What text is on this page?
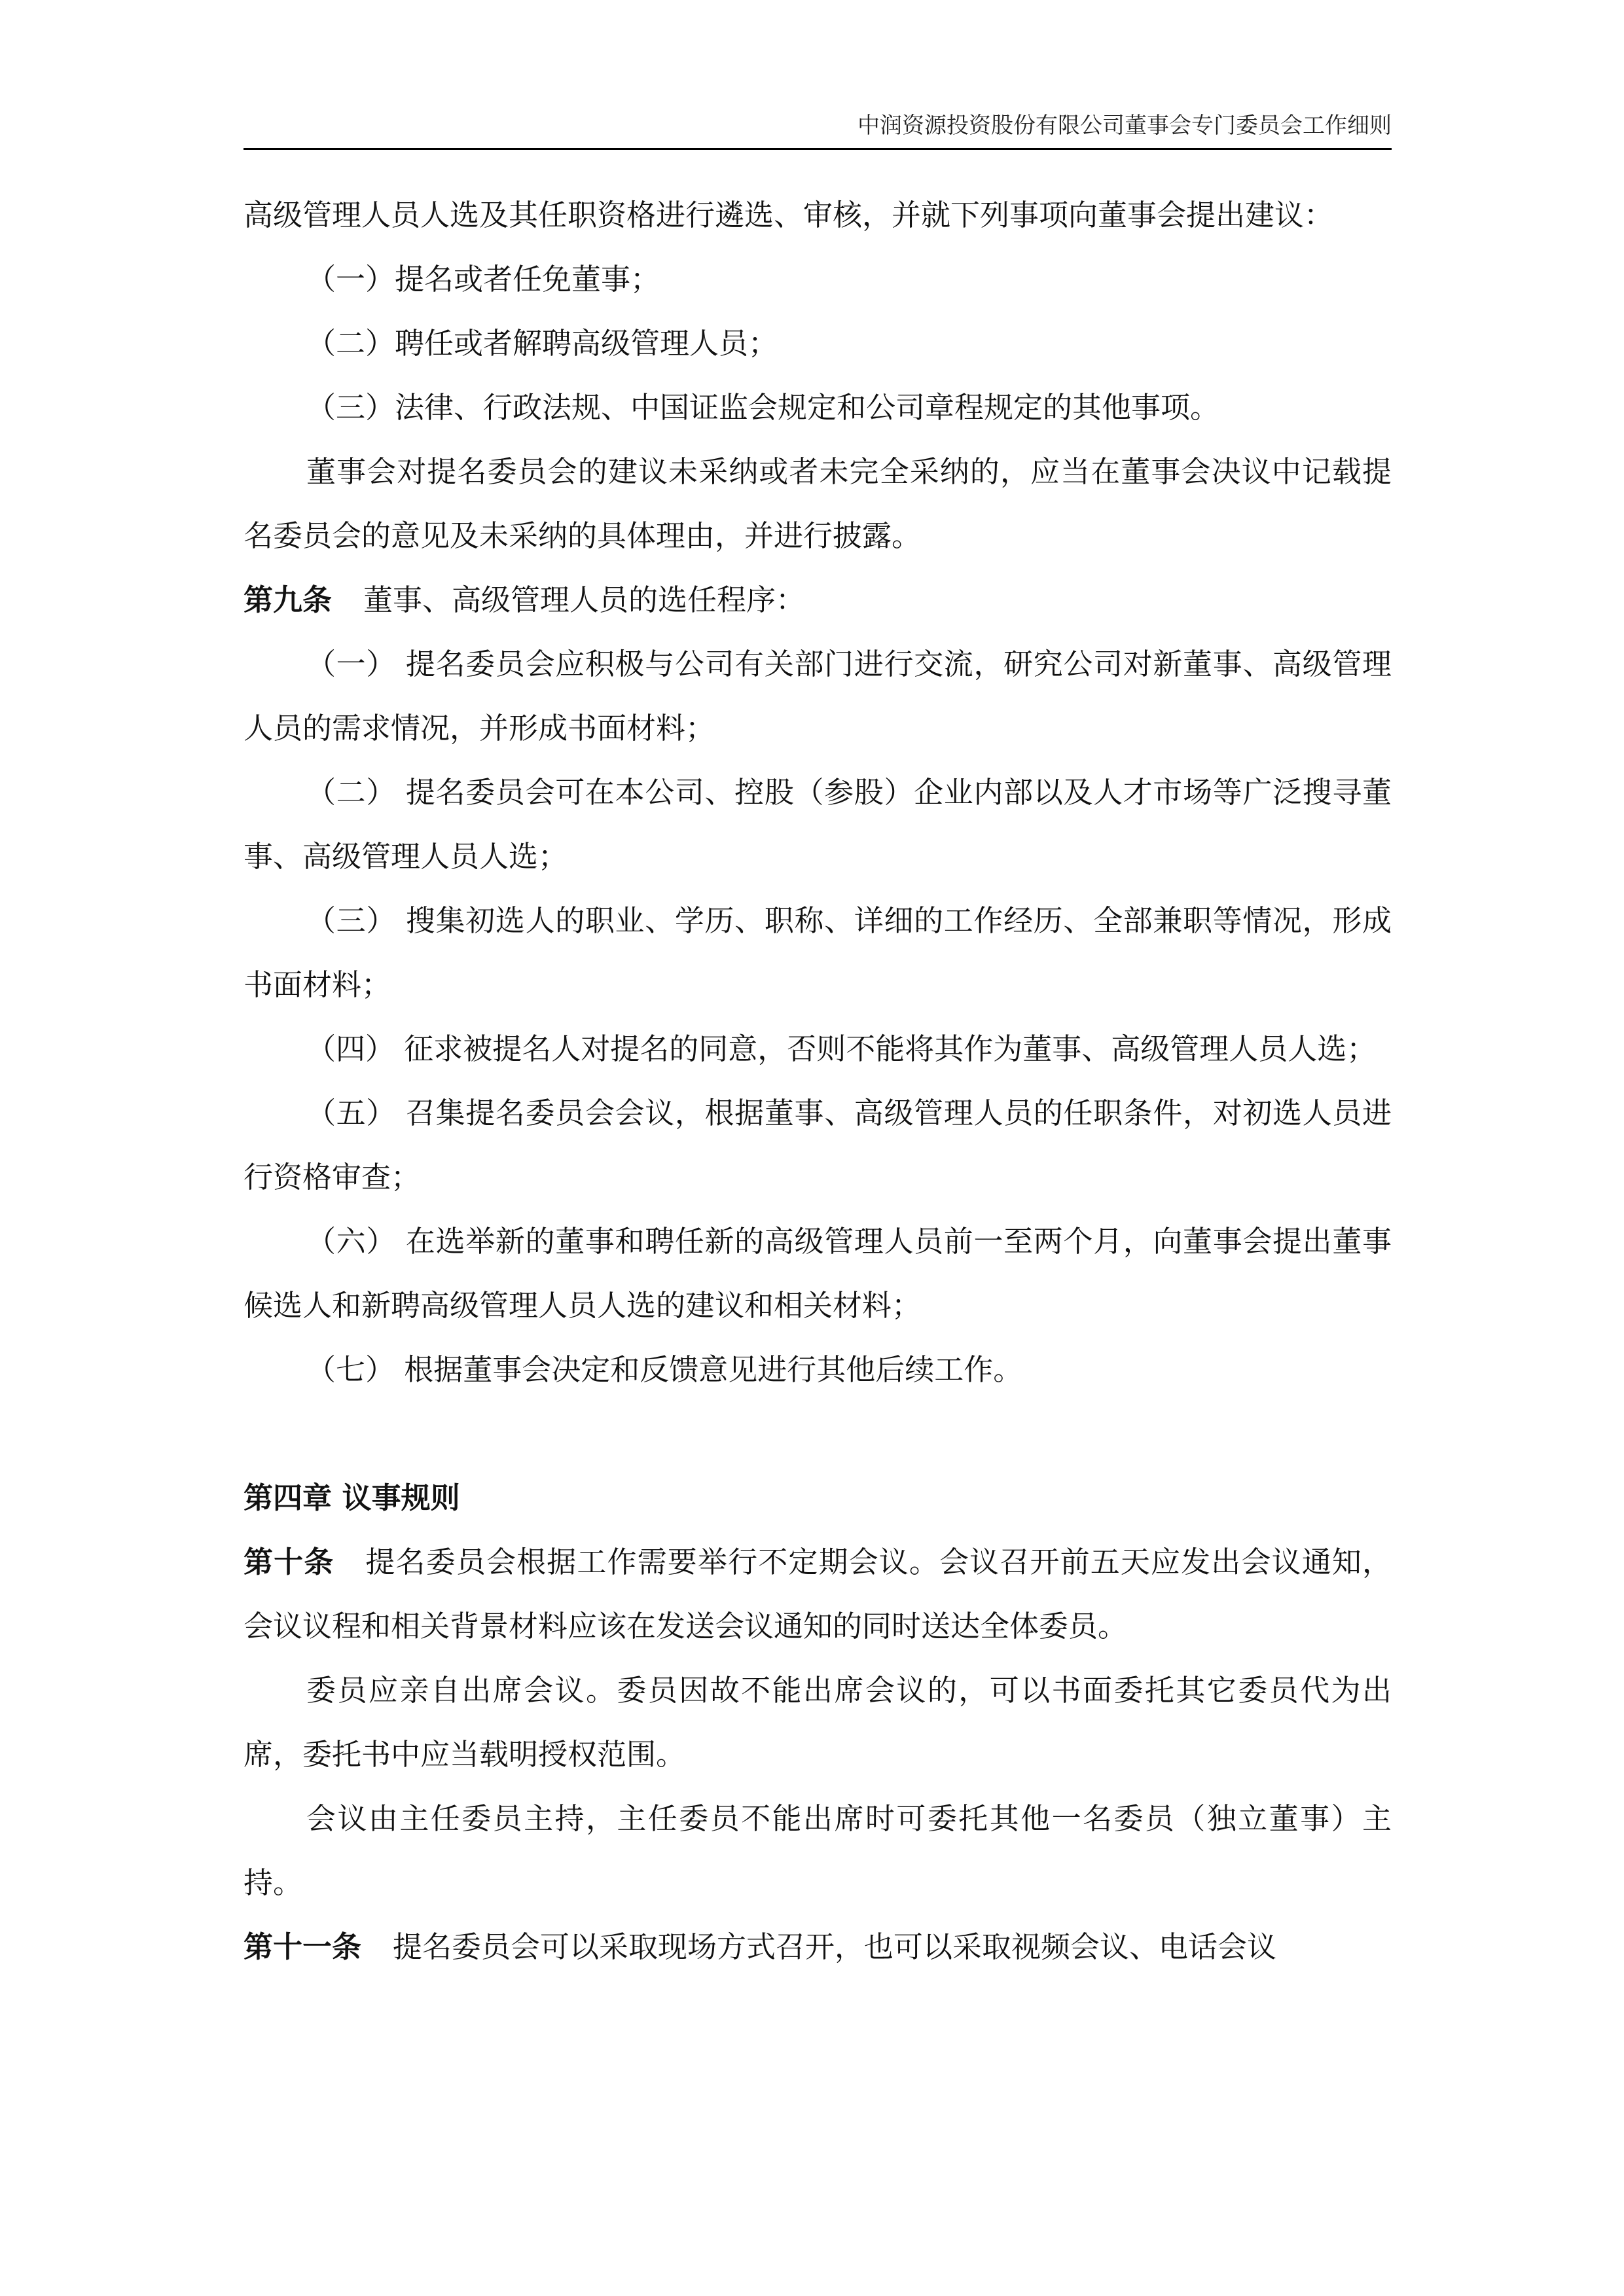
中润资源投资股份有限公司董事会专门委员会工作细则

高级管理人员人选及其任职资格进行遴选、审核，并就下列事项向董事会提出建议：

（一）提名或者任免董事；

（二）聘任或者解聘高级管理人员；

（三）法律、行政法规、中国证监会规定和公司章程规定的其他事项。

董事会对提名委员会的建议未采纳或者未完全采纳的，应当在董事会决议中记载提名委员会的意见及未采纳的具体理由，并进行披露。

第九条 董事、高级管理人员的选任程序：

（一） 提名委员会应积极与公司有关部门进行交流，研究公司对新董事、高级管理人员的需求情况，并形成书面材料；

（二） 提名委员会可在本公司、控股（参股）企业内部以及人才市场等广泛搜寻董事、高级管理人员人选；

（三） 搜集初选人的职业、学历、职称、详细的工作经历、全部兼职等情况，形成书面材料；

（四） 征求被提名人对提名的同意，否则不能将其作为董事、高级管理人员人选；

（五） 召集提名委员会会议，根据董事、高级管理人员的任职条件，对初选人员进行资格审查；

（六） 在选举新的董事和聘任新的高级管理人员前一至两个月，向董事会提出董事候选人和新聘高级管理人员人选的建议和相关材料；

（七） 根据董事会决定和反馈意见进行其他后续工作。

第四章 议事规则

第十条 提名委员会根据工作需要举行不定期会议。会议召开前五天应发出会议通知，会议议程和相关背景材料应该在发送会议通知的同时送达全体委员。

委员应亲自出席会议。委员因故不能出席会议的，可以书面委托其它委员代为出席，委托书中应当载明授权范围。

会议由主任委员主持，主任委员不能出席时可委托其他一名委员（独立董事）主持。

第十一条 提名委员会可以采取现场方式召开，也可以采取视频会议、电话会议
